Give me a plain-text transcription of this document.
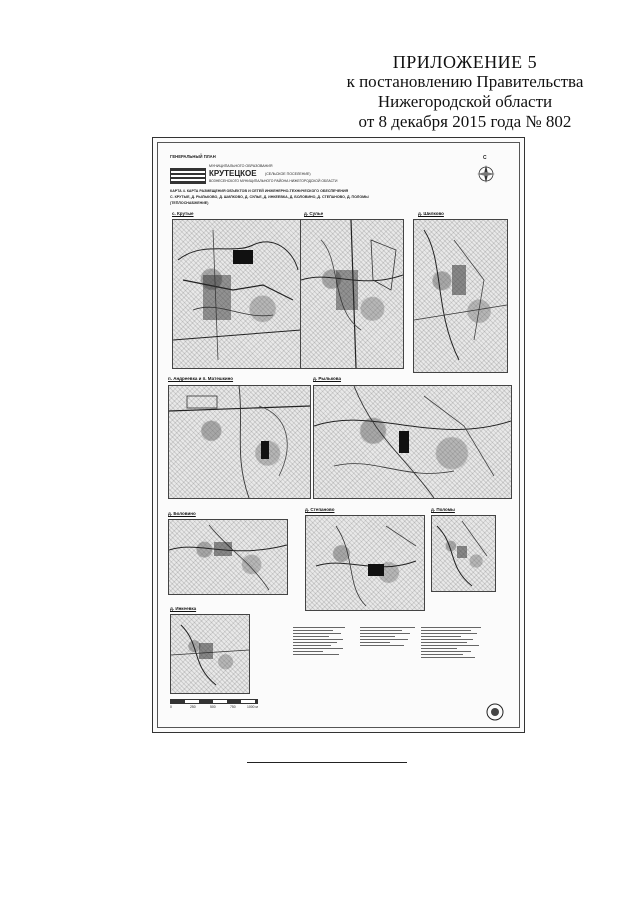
ПРИЛОЖЕНИЕ 5
к постановлению Правительства
Нижегородской области
от 8 декабря 2015 года № 802
ГЕНЕРАЛЬНЫЙ ПЛАН
МУНИЦИПАЛЬНОГО ОБРАЗОВАНИЯ
КРУТЕЦКОЕ (СЕЛЬСКОЕ ПОСЕЛЕНИЕ)
ВОЗНЕСЕНСКОГО МУНИЦИПАЛЬНОГО РАЙОНА НИЖЕГОРОДСКОЙ ОБЛАСТИ
КАРТА 4. КАРТА РАЗМЕЩЕНИЯ ОБЪЕКТОВ И СЕТЕЙ ИНЖЕНЕРНО-ТЕХНИЧЕСКОГО ОБЕСПЕЧЕНИЯ
С. КРУТЫЕ, Д. РЫЛЬКОВО, Д. ШИЛКОВО, Д. СУЛЬЕ, Д. ИНКЕЕВКА, Д. БОЛОВИНО, Д. СТЕПАНОВО, Д. ПОЛОМЫ
(ТЕПЛОСНАБЖЕНИЕ)
С
с. Крутые	д. Сулье	д. Шилково
п. Андреевка и п. Матешкино	д. Рылькова
д. Боловино
д. Степаново	д. Поломы
д. Инкеевка
0	250	500	750	1000 м
